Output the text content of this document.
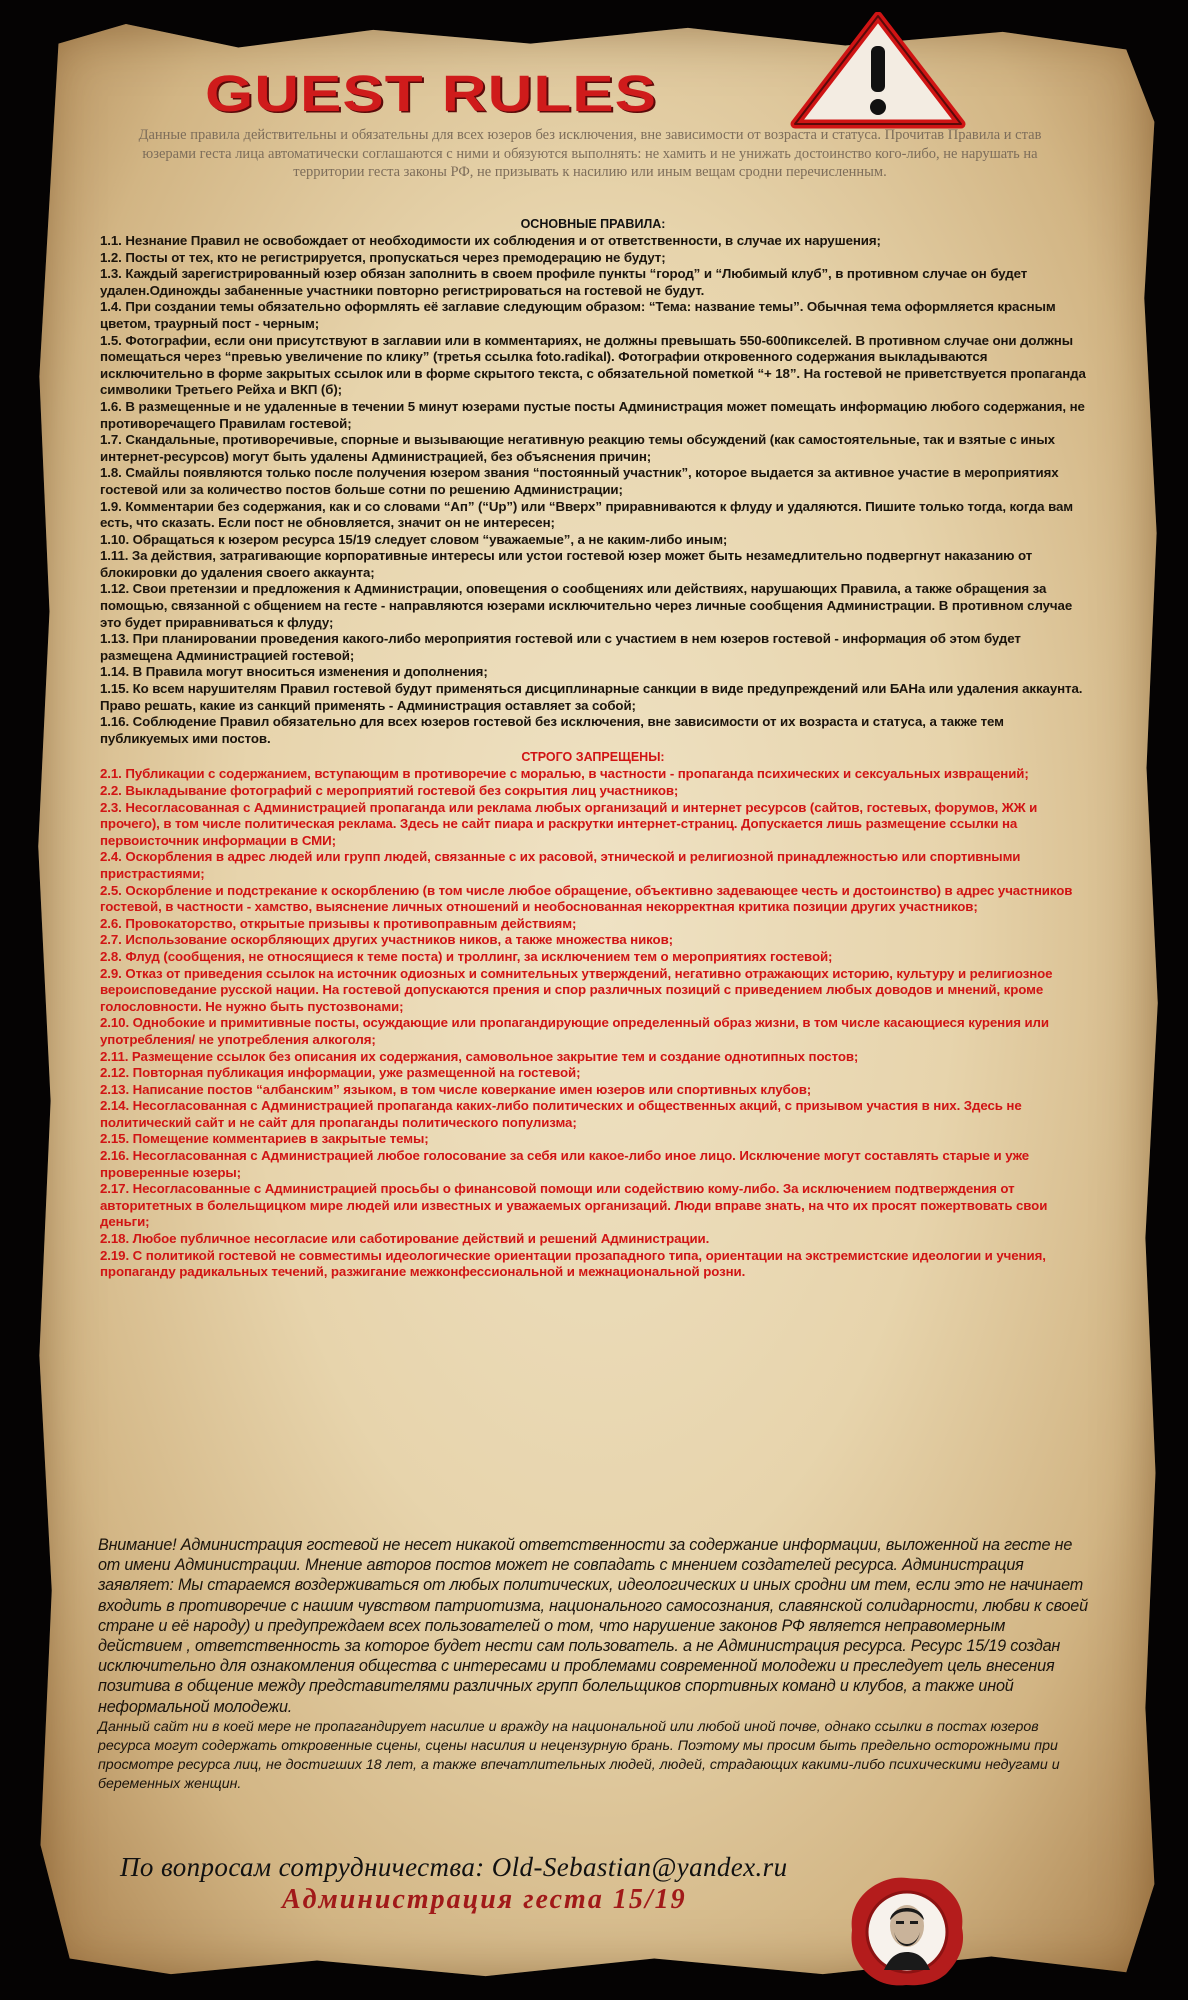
GUEST RULES

Данные правила действительны и обязательны для всех юзеров без исключения, вне зависимости от возраста и статуса. Прочитав Правила и став юзерами геста лица автоматически соглашаются с ними и обязуются выполнять: не хамить и не унижать достоинство кого-либо, не нарушать на территории геста законы РФ, не призывать к насилию или иным вещам сродни перечисленным.

ОСНОВНЫЕ ПРАВИЛА:

1.1. Незнание Правил не освобождает от необходимости их соблюдения и от ответственности, в случае их нарушения;

1.2. Посты от тех, кто не регистрируется, пропускаться через премодерацию не будут;

1.3. Каждый зарегистрированный юзер обязан заполнить в своем профиле пункты “город” и “Любимый клуб”, в противном случае он будет удален.Одиножды забаненные участники повторно регистрироваться на гостевой не будут.

1.4. При создании темы обязательно оформлять её заглавие следующим образом: “Тема: название темы”. Обычная тема оформляется красным цветом, траурный пост - черным;

1.5. Фотографии, если они присутствуют в заглавии или в комментариях, не должны превышать 550-600пикселей. В противном случае они должны помещаться через “превью увеличение по клику” (третья ссылка foto.radikal). Фотографии откровенного содержания выкладываются исключительно в форме закрытых ссылок или в форме скрытого текста, с обязательной пометкой “+ 18”. На гостевой не приветствуется пропаганда символики Третьего Рейха и ВКП (б);

1.6. В размещенные и не удаленные в течении 5 минут юзерами пустые посты Администрация может помещать информацию любого содержания, не противоречащего Правилам гостевой;

1.7. Скандальные, противоречивые, спорные и вызывающие негативную реакцию темы обсуждений (как самостоятельные, так и взятые с иных интернет-ресурсов) могут быть удалены Администрацией, без объяснения причин;

1.8. Смайлы появляются только после получения юзером звания “постоянный участник”, которое выдается за активное участие в мероприятиях гостевой или за количество постов больше сотни по решению Администрации;

1.9. Комментарии без содержания, как и со словами “Ап” (“Up”) или “Вверх” приравниваются к флуду и удаляются. Пишите только тогда, когда вам есть, что сказать. Если пост не обновляется, значит он не интересен;

1.10. Обращаться к юзером ресурса 15/19 следует словом “уважаемые”, а не каким-либо иным;

1.11. За действия, затрагивающие корпоративные интересы или устои гостевой юзер может быть незамедлительно подвергнут наказанию от блокировки до удаления своего аккаунта;

1.12. Свои претензии и предложения к Администрации, оповещения о сообщениях или действиях, нарушающих Правила, а также обращения за помощью, связанной с общением на гесте - направляются юзерами исключительно через личные сообщения Администрации. В противном случае это будет приравниваться к флуду;

1.13. При планировании проведения какого-либо мероприятия гостевой или с участием в нем юзеров гостевой - информация об этом будет размещена Администрацией гостевой;

1.14. В Правила могут вноситься изменения и дополнения;

1.15. Ко всем нарушителям Правил гостевой будут применяться дисциплинарные санкции в виде предупреждений или БАНа или удаления аккаунта. Право решать, какие из санкций применять - Администрация оставляет за собой;

1.16. Соблюдение Правил обязательно для всех юзеров гостевой без исключения, вне зависимости от их возраста и статуса, а также тем публикуемых ими постов.

СТРОГО ЗАПРЕЩЕНЫ:

2.1. Публикации с содержанием, вступающим в противоречие с моралью, в частности - пропаганда психических и сексуальных извращений;

2.2. Выкладывание фотографий с мероприятий гостевой без сокрытия лиц участников;

2.3. Несогласованная с Администрацией пропаганда или реклама любых организаций и интернет ресурсов (сайтов, гостевых, форумов, ЖЖ и прочего), в том числе политическая реклама. Здесь не сайт пиара и раскрутки интернет-страниц. Допускается лишь размещение ссылки на первоисточник информации в СМИ;

2.4. Оскорбления в адрес людей или групп людей, связанные с их расовой, этнической и религиозной принадлежностью или спортивными пристрастиями;

2.5. Оскорбление и подстрекание к оскорблению (в том числе любое обращение, объективно задевающее честь и достоинство) в адрес участников гостевой, в частности - хамство, выяснение личных отношений и необоснованная некорректная критика позиции других участников;

2.6. Провокаторство, открытые призывы к противоправным действиям;

2.7. Использование оскорбляющих других участников ников, а также множества ников;

2.8. Флуд (сообщения, не относящиеся к теме поста) и троллинг, за исключением тем о мероприятиях гостевой;

2.9. Отказ от приведения ссылок на источник одиозных и сомнительных утверждений, негативно отражающих историю, культуру и религиозное вероисповедание русской нации. На гостевой допускаются прения и спор различных позиций с приведением любых доводов и мнений, кроме голословности. Не нужно быть пустозвонами;

2.10. Однобокие и примитивные посты, осуждающие или пропагандирующие определенный образ жизни, в том числе касающиеся курения или употребления/ не употребления алкоголя;

2.11. Размещение ссылок без описания их содержания, самовольное закрытие тем и создание однотипных постов;

2.12. Повторная публикация информации, уже размещенной на гостевой;

2.13. Написание постов “албанским” языком, в том числе коверкание имен юзеров или спортивных клубов;

2.14. Несогласованная с Администрацией пропаганда каких-либо политических и общественных акций, с призывом участия в них. Здесь не политический сайт и не сайт для пропаганды политического популизма;

2.15. Помещение комментариев в закрытые темы;

2.16. Несогласованная с Администрацией любое голосование за себя или какое-либо иное лицо. Исключение могут составлять старые и уже проверенные юзеры;

2.17. Несогласованные с Администрацией просьбы о финансовой помощи или содействию кому-либо. За исключением подтверждения от авторитетных в болельщицком мире людей или известных и уважаемых организаций. Люди вправе знать, на что их просят пожертвовать свои деньги;

2.18. Любое публичное несогласие или саботирование действий и решений Администрации.

2.19. С политикой гостевой не совместимы идеологические ориентации прозападного типа, ориентации на экстремистские идеологии и учения, пропаганду радикальных течений, разжигание межконфессиональной и межнациональной розни.

Внимание! Администрация гостевой не несет никакой ответственности за содержание информации, выложенной на гесте не от имени Администрации. Мнение авторов постов может не совпадать с мнением создателей ресурса. Администрация заявляет: Мы стараемся воздерживаться от любых политических, идеологических и иных сродни им тем, если это не начинает входить в противоречие с нашим чувством патриотизма, национального самосознания, славянской солидарности, любви к своей стране и её народу) и предупреждаем всех пользователей о том, что нарушение законов РФ является неправомерным действием , ответственность за которое будет нести сам пользователь. а не Администрация ресурса. Ресурс 15/19 создан исключительно для ознакомления общества с интересами и проблемами современной молодежи и преследует цель внесения позитива в общение между представителями различных групп болельщиков спортивных команд и клубов, а также иной неформальной молодежи.

Данный сайт ни в коей мере не пропагандирует насилие и вражду на национальной или любой иной почве, однако ссылки в постах юзеров ресурса могут содержать откровенные сцены, сцены насилия и нецензурную брань. Поэтому мы просим быть предельно осторожными при просмотре ресурса лиц, не достигших 18 лет, а также впечатлительных людей, людей, страдающих какими-либо психическими недугами и беременных женщин.

По вопросам сотрудничества: Old-Sebastian@yandex.ru

Администрация геста 15/19
